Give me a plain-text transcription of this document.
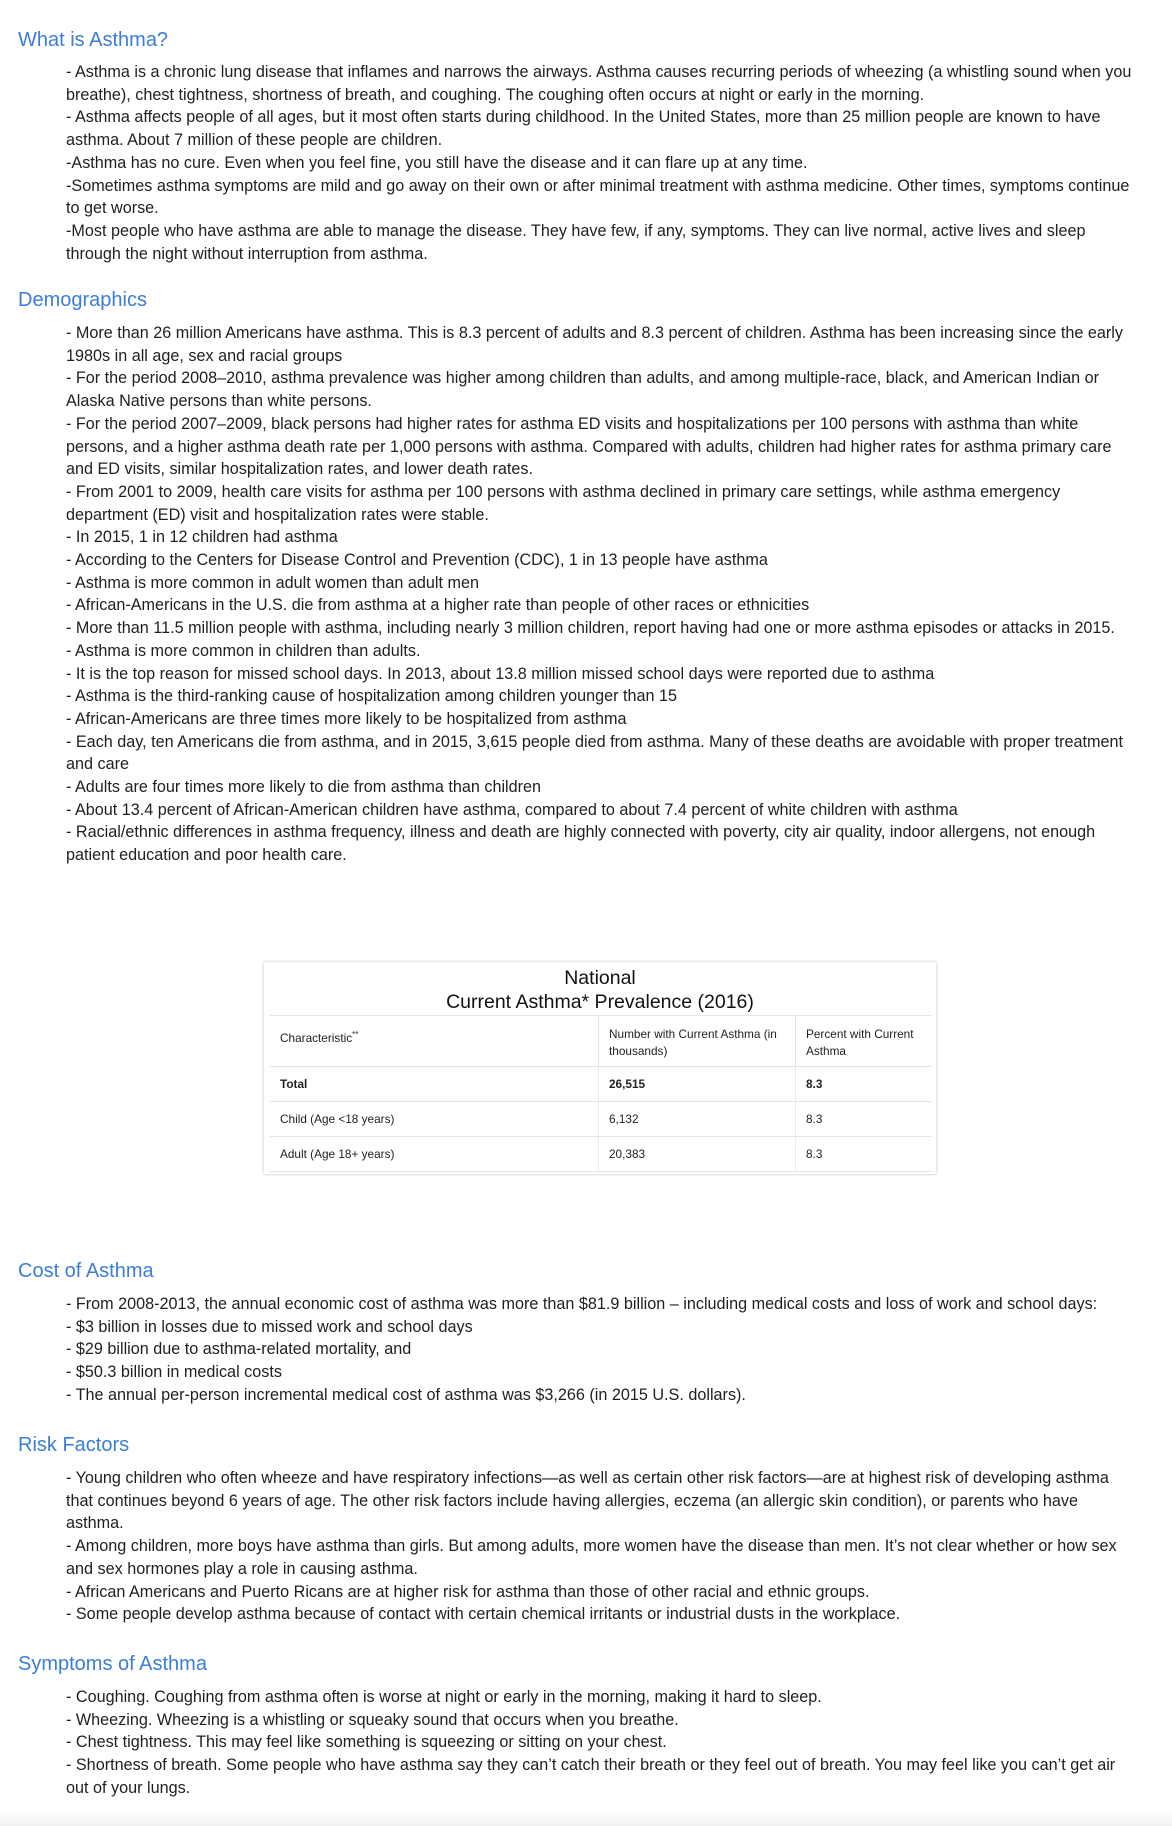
What is Asthma?

- Asthma is a chronic lung disease that inflames and narrows the airways. Asthma causes recurring periods of wheezing (a whistling sound when you breathe), chest tightness, shortness of breath, and coughing. The coughing often occurs at night or early in the morning.

- Asthma affects people of all ages, but it most often starts during childhood. In the United States, more than 25 million people are known to have asthma. About 7 million of these people are children.

-Asthma has no cure. Even when you feel fine, you still have the disease and it can flare up at any time.

-Sometimes asthma symptoms are mild and go away on their own or after minimal treatment with asthma medicine. Other times, symptoms continue to get worse.

-Most people who have asthma are able to manage the disease. They have few, if any, symptoms. They can live normal, active lives and sleep through the night without interruption from asthma.

Demographics

- More than 26 million Americans have asthma. This is 8.3 percent of adults and 8.3 percent of children. Asthma has been increasing since the early 1980s in all age, sex and racial groups

- For the period 2008–2010, asthma prevalence was higher among children than adults, and among multiple-race, black, and American Indian or Alaska Native persons than white persons.

- For the period 2007–2009, black persons had higher rates for asthma ED visits and hospitalizations per 100 persons with asthma than white persons, and a higher asthma death rate per 1,000 persons with asthma. Compared with adults, children had higher rates for asthma primary care and ED visits, similar hospitalization rates, and lower death rates.

- From 2001 to 2009, health care visits for asthma per 100 persons with asthma declined in primary care settings, while asthma emergency department (ED) visit and hospitalization rates were stable.

- In 2015, 1 in 12 children had asthma

- According to the Centers for Disease Control and Prevention (CDC), 1 in 13 people have asthma

- Asthma is more common in adult women than adult men

- African-Americans in the U.S. die from asthma at a higher rate than people of other races or ethnicities

- More than 11.5 million people with asthma, including nearly 3 million children, report having had one or more asthma episodes or attacks in 2015.

- Asthma is more common in children than adults.

- It is the top reason for missed school days. In 2013, about 13.8 million missed school days were reported due to asthma

- Asthma is the third-ranking cause of hospitalization among children younger than 15

- African-Americans are three times more likely to be hospitalized from asthma

- Each day, ten Americans die from asthma, and in 2015, 3,615 people died from asthma. Many of these deaths are avoidable with proper treatment and care

- Adults are four times more likely to die from asthma than children

- About 13.4 percent of African-American children have asthma, compared to about 7.4 percent of white children with asthma

- Racial/ethnic differences in asthma frequency, illness and death are highly connected with poverty, city air quality, indoor allergens, not enough patient education and poor health care.

National
Current Asthma* Prevalence (2016)
Characteristic**	Number with Current Asthma (in thousands)	Percent with Current Asthma
Total	26,515	8.3
Child (Age <18 years)	6,132	8.3
Adult (Age 18+ years)	20,383	8.3
Cost of Asthma

- From 2008-2013, the annual economic cost of asthma was more than $81.9 billion – including medical costs and loss of work and school days:

- $3 billion in losses due to missed work and school days

- $29 billion due to asthma-related mortality, and

- $50.3 billion in medical costs

- The annual per-person incremental medical cost of asthma was $3,266 (in 2015 U.S. dollars).

Risk Factors

- Young children who often wheeze and have respiratory infections—as well as certain other risk factors—are at highest risk of developing asthma that continues beyond 6 years of age. The other risk factors include having allergies, eczema (an allergic skin condition), or parents who have asthma.

- Among children, more boys have asthma than girls. But among adults, more women have the disease than men. It’s not clear whether or how sex and sex hormones play a role in causing asthma.

- African Americans and Puerto Ricans are at higher risk for asthma than those of other racial and ethnic groups.

- Some people develop asthma because of contact with certain chemical irritants or industrial dusts in the workplace.

Symptoms of Asthma

- Coughing. Coughing from asthma often is worse at night or early in the morning, making it hard to sleep.

- Wheezing. Wheezing is a whistling or squeaky sound that occurs when you breathe.

- Chest tightness. This may feel like something is squeezing or sitting on your chest.

- Shortness of breath. Some people who have asthma say they can’t catch their breath or they feel out of breath. You may feel like you can’t get air out of your lungs.
